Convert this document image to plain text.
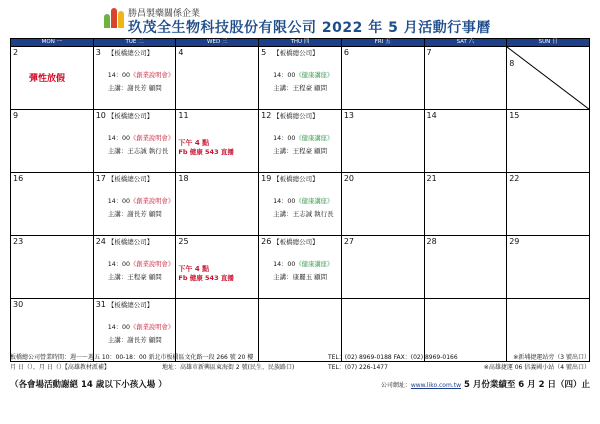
勝昌製藥關係企業
玖茂全生物科技股份有限公司 2022 年 5 月活動行事曆
MON 一	TUE 二	WED 三	THU 四	FRI 五	SAT 六	SUN 日

2
彈性放假	3 【板橋總公司】
14：00《創業說明會》
主講：謝長芳 顧問	4	5 【板橋總公司】
14：00《健康講座》
主講：王程豪 顧問	6	7	8

9	10 【板橋總公司】
14：00《創業說明會》
主講：王志誠 執行長	11
下午 4 點
Fb 健康 543 直播	12 【板橋總公司】
14：00《健康講座》
主講：王程豪 顧問	13	14	15

16	17 【板橋總公司】
14：00《創業說明會》
主講：謝長芳 顧問	18	19 【板橋總公司】
14：00《健康講座》
主講：王志誠 執行長	20	21	22

23	24 【板橋總公司】
14：00《創業說明會》
主講：王程豪 顧問	25
下午 4 點
Fb 健康 543 直播	26 【板橋總公司】
14：00《健康講座》
主講：康麗玉 顧問	27	28	29

30	31 【板橋總公司】
14：00《創業說明會》
主講：謝長芳 顧問					

板橋總公司營業時間：週一～週五 10：00-18：00 新北市板橋區文化路一段 266 號 20 樓	TEL：(02) 8969-0188 FAX：(02) 8969-0166	※新埔捷運站旁（3 號出口）
月 日（）、月 日（）【高雄教材派補】	地址：高雄市新興區東海街 2 號(民生、民族路口)	TEL：(07) 226-1477	※高雄捷運 06 信義國小站（4 號出口）
（各會場活動謝絕 14 歲以下小孩入場 ）	公司網址：www.liko.com.tw 5 月份業績至 6 月 2 日（四）止
